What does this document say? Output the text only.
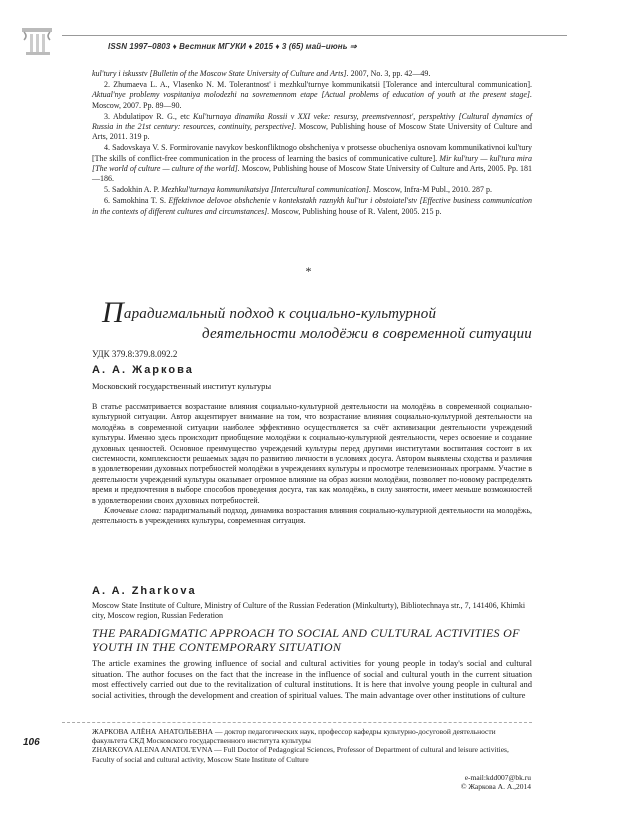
ISSN 1997–0803 ♦ Вестник МГУКИ ♦ 2015 ♦ 3 (65) май–июнь ⇒

kul'tury i iskusstv [Bulletin of the Moscow State University of Culture and Arts]. 2007, No. 3, pp. 42—49.

2. Zhumaeva L. A., Vlasenko N. M. Tolerantnost' i mezhkul'turnye kommunikatsii [Tolerance and intercultural communication]. Aktual'nye problemy vospitaniya molodezhi na sovremennom etape [Actual problems of education of youth at the present stage]. Moscow, 2007. Pp. 89—90.

3. Abdulatipov R. G., etc Kul'turnaya dinamika Rossii v XXI veke: resursy, preemstvennost', perspektivy [Cultural dynamics of Russia in the 21st century: resources, continuity, perspective]. Moscow, Publishing house of Moscow State University of Culture and Arts, 2011. 319 p.

4. Sadovskaya V. S. Formirovanie navykov beskonfliktnogo obshcheniya v protsesse obucheniya osnovam kommunikativnoi kul'tury [The skills of conflict-free communication in the process of learning the basics of communicative culture]. Mir kul'tury — kul'tura mira [The world of culture — culture of the world]. Moscow, Publishing house of Moscow State University of Culture and Arts, 2005. Pp. 181—186.

5. Sadokhin A. P. Mezhkul'turnaya kommunikatsiya [Intercultural communication]. Moscow, Infra-M Publ., 2010. 287 p.

6. Samokhina T. S. Effektivnoe delovoe obshchenie v kontekstakh raznykh kul'tur i obstoiatel'stv [Effective business communication in the contexts of different cultures and circumstances]. Moscow, Publishing house of R. Valent, 2005. 215 p.

*
Парадигмальный подход к социально-культурной
деятельности молодёжи в современной ситуации
УДК 379.8:379.8.092.2
А. А. Жаркова
Московский государственный институт культуры
В статье рассматривается возрастание влияния социально-культурной деятельности на молодёжь в современной социально-культурной ситуации. Автор акцентирует внимание на том, что возрастание влияния социально-культурной деятельности на молодёжь в современной ситуации наиболее эффективно осуществляется за счёт активизации деятельности учреждений культуры. Именно здесь происходит приобщение молодёжи к социально-культурной деятельности, через освоение и создание духовных ценностей. Основное преимущество учреждений культуры перед другими институтами воспитания состоит в их системности, комплексности решаемых задач по развитию личности в условиях досуга. Автором выявлены сходства и различия в удовлетворении духовных потребностей молодёжи в учреждениях культуры и просмотре телевизионных программ. Участие в деятельности учреждений культуры оказывает огромное влияние на образ жизни молодёжи, позволяет по-новому распределять время и предпочтения в выборе способов проведения досуга, так как молодёжь, в силу занятости, имеет меньше возможностей в удовлетворении своих духовных потребностей.
Ключевые слова: парадигмальный подход, динамика возрастания влияния социально-культурной деятельности на молодёжь, деятельность в учреждениях культуры, современная ситуация.
A. A. Zharkova
Moscow State Institute of Culture, Ministry of Culture of the Russian Federation (Minkulturty), Bibliotechnaya str., 7, 141406, Khimki city, Moscow region, Russian Federation
THE PARADIGMATIC APPROACH TO SOCIAL AND CULTURAL ACTIVITIES OF YOUTH IN THE CONTEMPORARY SITUATION
The article examines the growing influence of social and cultural activities for young people in today's social and cultural situation. The author focuses on the fact that the increase in the influence of social and cultural youth in the current situation most effectively carried out due to the revitalization of cultural institutions. It is here that involve young people in cultural and social activities, through the development and creation of spiritual values. The main advantage over other institutions of culture
106

ЖАРКОВА АЛЁНА АНАТОЛЬЕВНА — доктор педагогических наук, профессор кафедры культурно-досуговой деятельности факультета СКД Московского государственного института культуры

ZHARKOVA ALENA ANATOL'EVNA — Full Doctor of Pedagogical Sciences, Professor of Department of cultural and leisure activities, Faculty of social and cultural activity, Moscow State Institute of Culture

e-mail:kdd007@bk.ru
© Жаркова А. А.,2014
